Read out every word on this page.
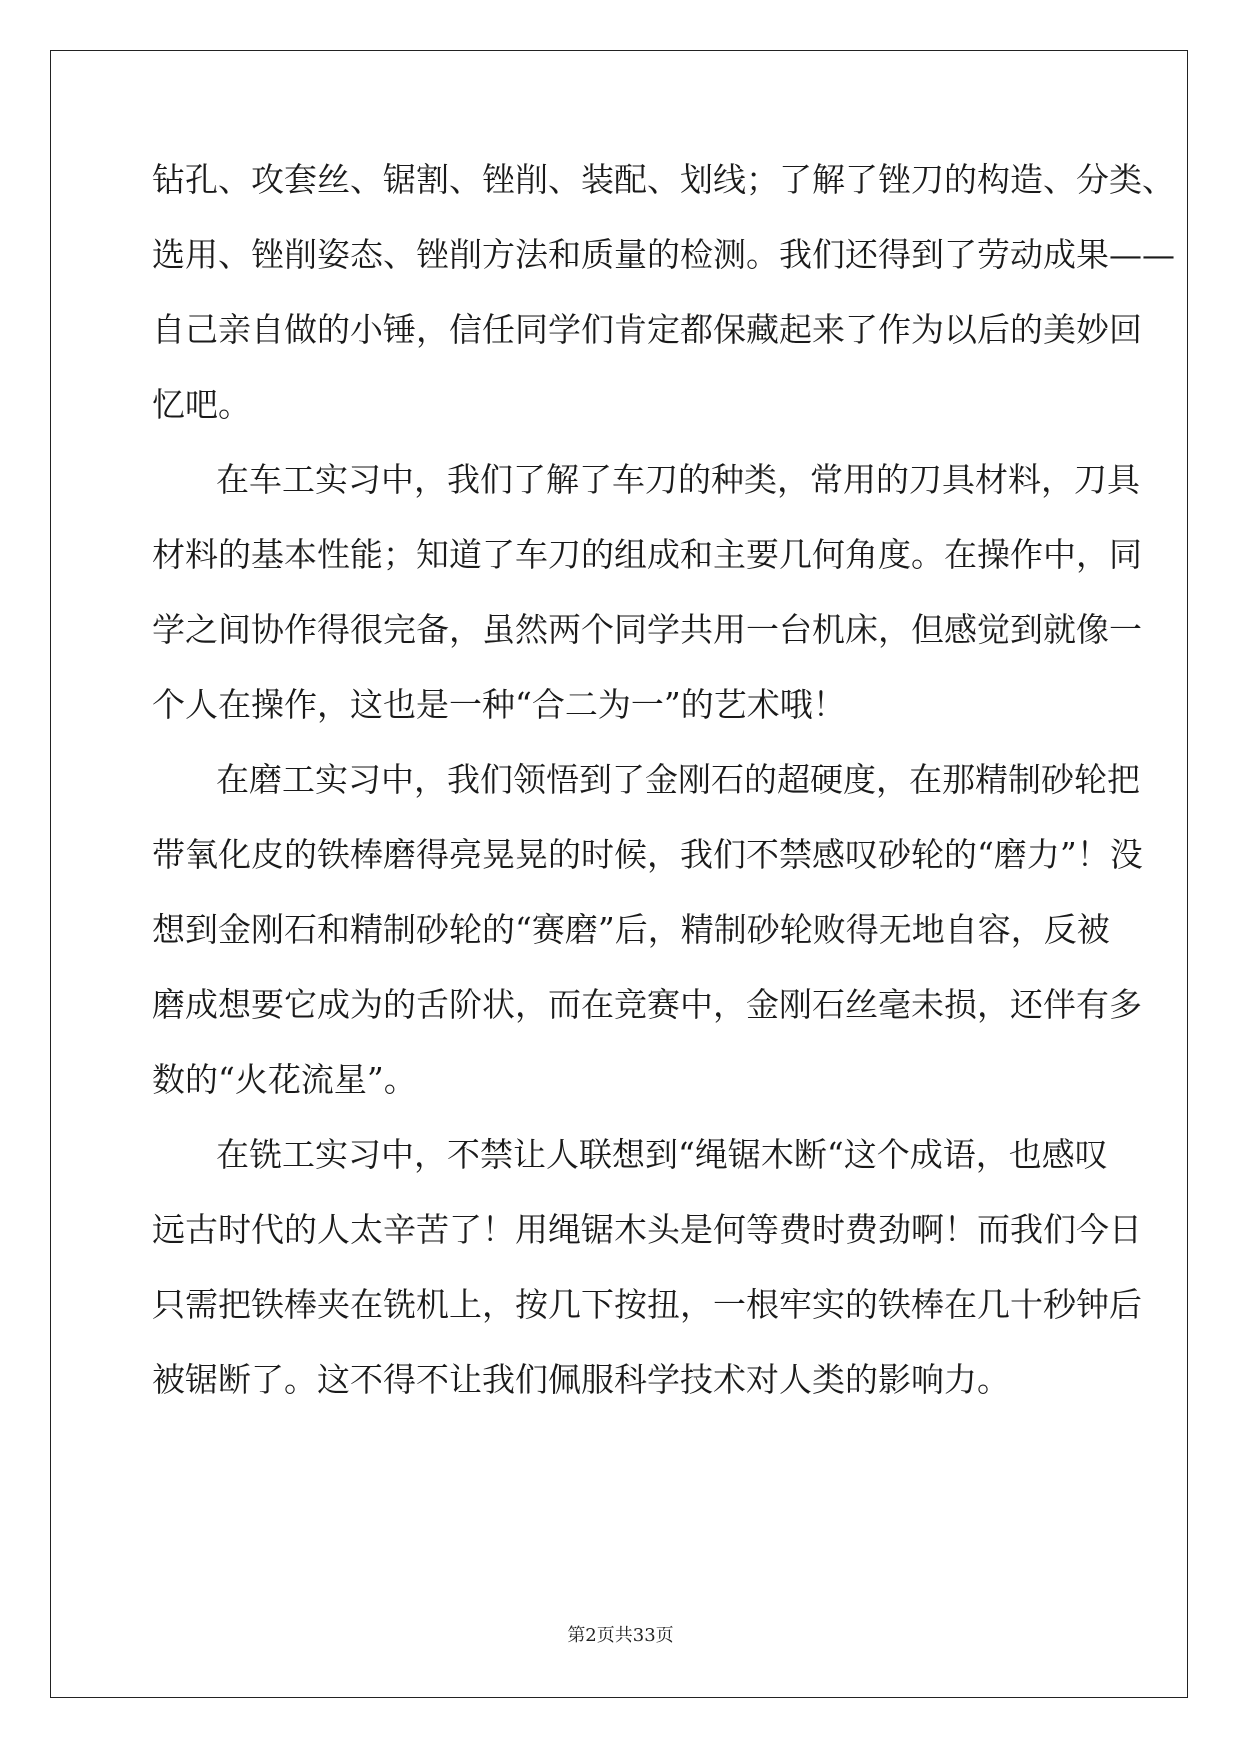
钻孔、攻套丝、锯割、锉削、装配、划线；了解了锉刀的构造、分类、
选用、锉削姿态、锉削方法和质量的检测。我们还得到了劳动成果——
自己亲自做的小锤，信任同学们肯定都保藏起来了作为以后的美妙回
忆吧。
在车工实习中，我们了解了车刀的种类，常用的刀具材料，刀具
材料的基本性能；知道了车刀的组成和主要几何角度。在操作中，同
学之间协作得很完备，虽然两个同学共用一台机床，但感觉到就像一
个人在操作，这也是一种“合二为一”的艺术哦！
在磨工实习中，我们领悟到了金刚石的超硬度，在那精制砂轮把
带氧化皮的铁棒磨得亮晃晃的时候，我们不禁感叹砂轮的“磨力”！没
想到金刚石和精制砂轮的“赛磨”后，精制砂轮败得无地自容，反被
磨成想要它成为的舌阶状，而在竞赛中，金刚石丝毫未损，还伴有多
数的“火花流星”。
在铣工实习中，不禁让人联想到“绳锯木断“这个成语，也感叹
远古时代的人太辛苦了！用绳锯木头是何等费时费劲啊！而我们今日
只需把铁棒夹在铣机上，按几下按扭，一根牢实的铁棒在几十秒钟后
被锯断了。这不得不让我们佩服科学技术对人类的影响力。
第2页共33页
